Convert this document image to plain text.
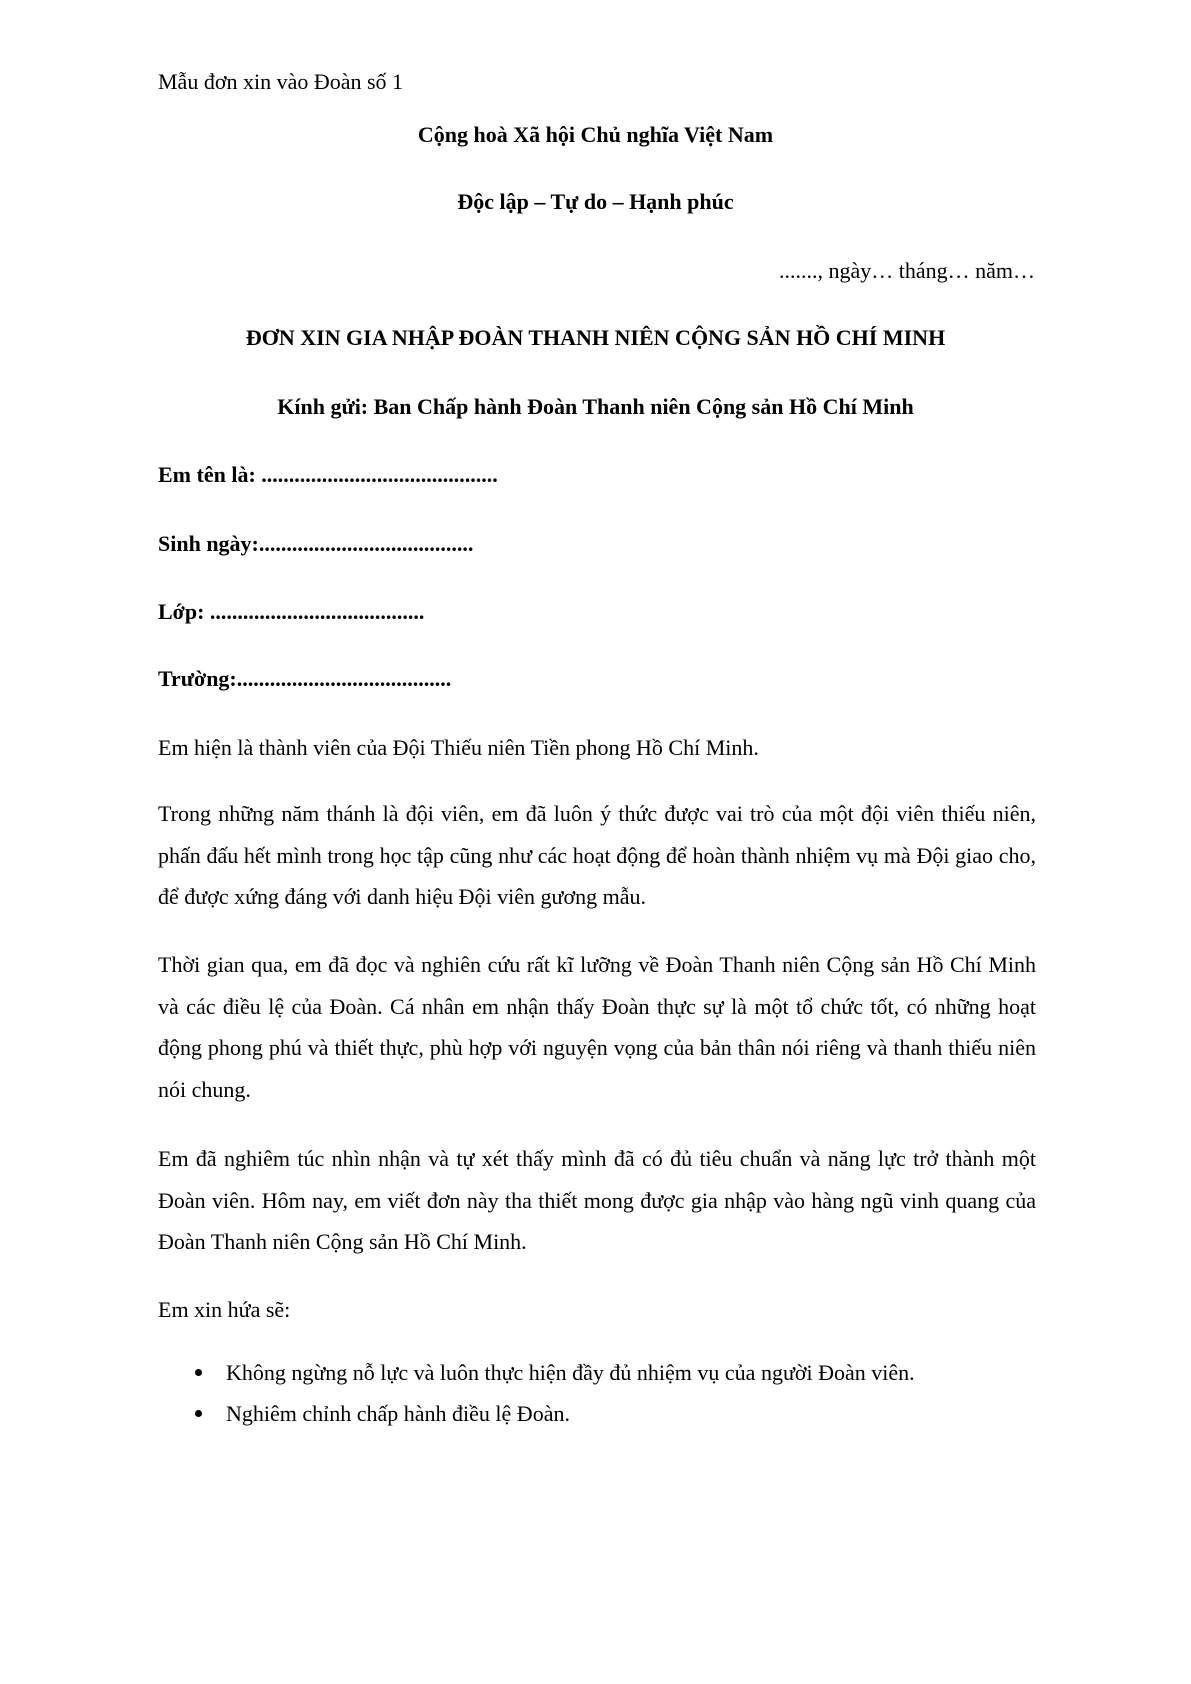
Mẫu đơn xin vào Đoàn số 1
Cộng hoà Xã hội Chủ nghĩa Việt Nam
Độc lập – Tự do – Hạnh phúc
......., ngày… tháng… năm…
ĐƠN XIN GIA NHẬP ĐOÀN THANH NIÊN CỘNG SẢN HỒ CHÍ MINH
Kính gửi: Ban Chấp hành Đoàn Thanh niên Cộng sản Hồ Chí Minh
Em tên là: ...........................................
Sinh ngày:.......................................
Lớp: .......................................
Trường:.......................................
Em hiện là thành viên của Đội Thiếu niên Tiền phong Hồ Chí Minh.
Trong những năm thánh là đội viên, em đã luôn ý thức được vai trò của một đội viên thiếu niên, phấn đấu hết mình trong học tập cũng như các hoạt động để hoàn thành nhiệm vụ mà Đội giao cho, để được xứng đáng với danh hiệu Đội viên gương mẫu.
Thời gian qua, em đã đọc và nghiên cứu rất kĩ lưỡng về Đoàn Thanh niên Cộng sản Hồ Chí Minh và các điều lệ của Đoàn. Cá nhân em nhận thấy Đoàn thực sự là một tổ chức tốt, có những hoạt động phong phú và thiết thực, phù hợp với nguyện vọng của bản thân nói riêng và thanh thiếu niên nói chung.
Em đã nghiêm túc nhìn nhận và tự xét thấy mình đã có đủ tiêu chuẩn và năng lực trở thành một Đoàn viên. Hôm nay, em viết đơn này tha thiết mong được gia nhập vào hàng ngũ vinh quang của Đoàn Thanh niên Cộng sản Hồ Chí Minh.
Em xin hứa sẽ:
Không ngừng nỗ lực và luôn thực hiện đầy đủ nhiệm vụ của người Đoàn viên.
Nghiêm chỉnh chấp hành điều lệ Đoàn.
